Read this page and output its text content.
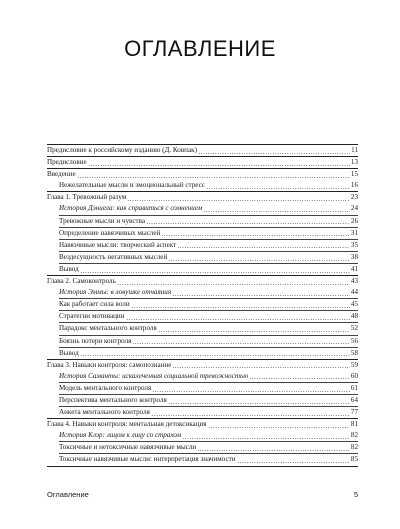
ОГЛАВЛЕНИЕ
Предисловие к российскому изданию (Д. Ковпак)	11
Предисловие	13
Введение	15
Нежелательные мысли и эмоциональный стресс	16
Глава 1. Тревожный разум	23
История Дэниела: как справиться с сомнением	24
Тревожные мысли и чувства	26
Определение навязчивых мыслей	31
Навязчивые мысли: творческий аспект	35
Вездесущность негативных мыслей	38
Вывод	41
Глава 2. Самоконтроль	43
История Эммы: в ловушке отчаяния	44
Как работает сила воли	45
Стратегии мотивации	48
Парадокс ментального контроля	52
Боязнь потери контроля	56
Вывод	58
Глава 3. Навыки контроля: самопознание	59
История Саманты: искалеченная социальной тревожностью	60
Модель ментального контроля	61
Перспектива ментального контроля	64
Анкета ментального контроля	77
Глава 4. Навыки контроля: ментальная детоксикация	81
История Клэр: лицом к лицу со страхом	82
Токсичные и нетоксичные навязчивые мысли	82
Токсичные навязчивые мысли: интерпретация значимости	85
Оглавление	5
